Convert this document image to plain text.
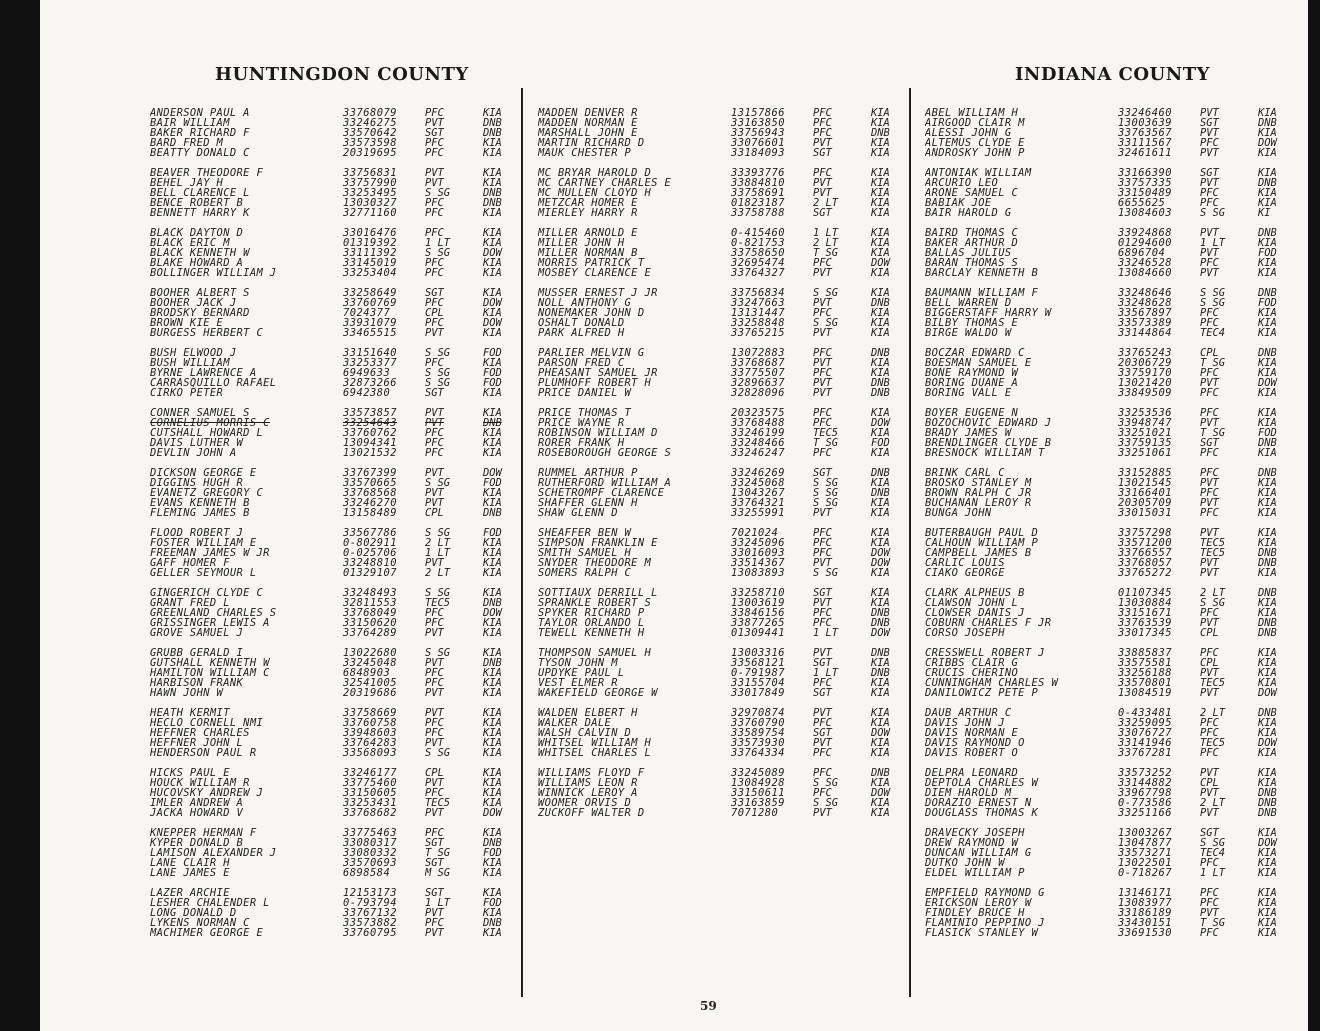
HUNTINGDON COUNTY	INDIANA COUNTY
ANDERSON PAUL A	33768079	PFC	KIA
BAIR WILLIAM	33246275	PVT	DNB
BAKER RICHARD F	33570642	SGT	DNB
BARD FRED M	33573598	PFC	KIA
BEATTY DONALD C	20319695	PFC	KIA
BEAVER THEODORE F	33756831	PVT	KIA
BEHEL JAY H	33757990	PVT	KIA
BELL CLARENCE L	33253495	S SG	DNB
BENCE ROBERT B	13030327	PFC	DNB
BENNETT HARRY K	32771160	PFC	KIA
BLACK DAYTON D	33016476	PFC	KIA
BLACK ERIC M	01319392	1 LT	KIA
BLACK KENNETH W	33111392	S SG	DOW
BLAKE HOWARD A	33145019	PFC	KIA
BOLLINGER WILLIAM J	33253404	PFC	KIA
BOOHER ALBERT S	33258649	SGT	KIA
BOOHER JACK J	33760769	PFC	DOW
BRODSKY BERNARD	7024377	CPL	KIA
BROWN KIE E	33931079	PFC	DOW
BURGESS HERBERT C	33465515	PVT	KIA
BUSH ELWOOD J	33151640	S SG	FOD
BUSH WILLIAM	33253377	PFC	KIA
BYRNE LAWRENCE A	6949633	S SG	FOD
CARRASQUILLO RAFAEL	32873266	S SG	FOD
CIRKO PETER	6942380	SGT	KIA
CONNER SAMUEL S	33573857	PVT	KIA
CORNELIUS MORRIS C	33254643	PVT	DNB
CUTSHALL HOWARD L	33760762	PFC	KIA
DAVIS LUTHER W	13094341	PFC	KIA
DEVLIN JOHN A	13021532	PFC	KIA
DICKSON GEORGE E	33767399	PVT	DOW
DIGGINS HUGH R	33570665	S SG	FOD
EVANETZ GREGORY C	33768568	PVT	KIA
EVANS KENNETH B	33246270	PVT	KIA
FLEMING JAMES B	13158489	CPL	DNB
FLOOD ROBERT J	33567786	S SG	FOD
FOSTER WILLIAM E	0-802911	2 LT	KIA
FREEMAN JAMES W JR	0-025706	1 LT	KIA
GAFF HOMER F	33248810	PVT	KIA
GELLER SEYMOUR L	01329107	2 LT	KIA
GINGERICH CLYDE C	33248493	S SG	KIA
GRANT FRED L	32811553	TEC5	DNB
GREENLAND CHARLES S	33768049	PFC	DOW
GRISSINGER LEWIS A	33150620	PFC	KIA
GROVE SAMUEL J	33764289	PVT	KIA
GRUBB GERALD I	13022680	S SG	KIA
GUTSHALL KENNETH W	33245048	PVT	DNB
HAMILTON WILLIAM C	6848903	PFC	KIA
HARBISON FRANK	32541005	PFC	KIA
HAWN JOHN W	20319686	PVT	KIA
HEATH KERMIT	33758669	PVT	KIA
HECLO CORNELL NMI	33760758	PFC	KIA
HEFFNER CHARLES	33948603	PFC	KIA
HEFFNER JOHN L	33764283	PVT	KIA
HENDERSON PAUL R	33568093	S SG	KIA
HICKS PAUL E	33246177	CPL	KIA
HOUCK WILLIAM R	33775460	PVT	KIA
HUCOVSKY ANDREW J	33150605	PFC	KIA
IMLER ANDREW A	33253431	TEC5	KIA
JACKA HOWARD V	33768682	PVT	DOW
KNEPPER HERMAN F	33775463	PFC	KIA
KYPER DONALD B	33080317	SGT	DNB
LAMISON ALEXANDER J	33080332	T SG	FOD
LANE CLAIR H	33570693	SGT	KIA
LANE JAMES E	6898584	M SG	KIA
LAZER ARCHIE	12153173	SGT	KIA
LESHER CHALENDER L	0-793794	1 LT	FOD
LONG DONALD D	33767132	PVT	KIA
LYKENS NORMAN C	33573882	PFC	DNB
MACHIMER GEORGE E	33760795	PVT	KIA
MADDEN DENVER R	13157866	PFC	KIA
MADDEN NORMAN E	33163850	PFC	KIA
MARSHALL JOHN E	33756943	PFC	DNB
MARTIN RICHARD D	33076601	PVT	KIA
MAUK CHESTER P	33184093	SGT	KIA
MC BRYAR HAROLD D	33393776	PFC	KIA
MC CARTNEY CHARLES E	33884810	PVT	KIA
MC MULLEN CLOYD H	33758691	PVT	KIA
METZCAR HOMER E	01823187	2 LT	KIA
MIERLEY HARRY R	33758788	SGT	KIA
MILLER ARNOLD E	0-415460	1 LT	KIA
MILLER JOHN H	0-821753	2 LT	KIA
MILLER NORMAN B	33758650	T SG	KIA
MORRIS PATRICK T	32695474	PFC	DOW
MOSBEY CLARENCE E	33764327	PVT	KIA
MUSSER ERNEST J JR	33756834	S SG	KIA
NOLL ANTHONY G	33247663	PVT	DNB
NONEMAKER JOHN D	13131447	PFC	KIA
OSHALT DONALD	33258848	S SG	KIA
PARK ALFRED H	33765215	PVT	KIA
PARLIER MELVIN G	13072883	PFC	DNB
PARSON FRED C	33768687	PVT	KIA
PHEASANT SAMUEL JR	33775507	PFC	KIA
PLUMHOFF ROBERT H	32896637	PVT	DNB
PRICE DANIEL W	32828096	PVT	DNB
PRICE THOMAS T	20323575	PFC	KIA
PRICE WAYNE R	33768488	PFC	DOW
ROBINSON WILLIAM D	33246199	TEC5	KIA
RORER FRANK H	33248466	T SG	FOD
ROSEBOROUGH GEORGE S	33246247	PFC	KIA
RUMMEL ARTHUR P	33246269	SGT	DNB
RUTHERFORD WILLIAM A	33245068	S SG	KIA
SCHETROMPF CLARENCE	13043267	S SG	DNB
SHAFFER GLENN H	33764321	S SG	KIA
SHAW GLENN D	33255991	PVT	KIA
SHEAFFER BEN W	7021024	PFC	KIA
SIMPSON FRANKLIN E	33245096	PFC	KIA
SMITH SAMUEL H	33016093	PFC	DOW
SNYDER THEODORE M	33514367	PVT	DOW
SOMERS RALPH C	13083893	S SG	KIA
SOTTIAUX DERRILL L	33258710	SGT	KIA
SPRANKLE ROBERT S	13003619	PVT	KIA
SPYKER RICHARD P	33846156	PFC	DNB
TAYLOR ORLANDO L	33877265	PFC	DNB
TEWELL KENNETH H	01309441	1 LT	DOW
THOMPSON SAMUEL H	13003316	PVT	DNB
TYSON JOHN M	33568121	SGT	KIA
UPDYKE PAUL L	0-791987	1 LT	DNB
VEST ELMER R	33155704	PFC	KIA
WAKEFIELD GEORGE W	33017849	SGT	KIA
WALDEN ELBERT H	32970874	PVT	KIA
WALKER DALE	33760790	PFC	KIA
WALSH CALVIN D	33589754	SGT	DOW
WHITSEL WILLIAM H	33573930	PVT	KIA
WHITSEL CHARLES L	33764334	PFC	KIA
WILLIAMS FLOYD F	33245089	PFC	DNB
WILLIAMS LEON R	13084928	S SG	KIA
WINNICK LEROY A	33150611	PFC	DOW
WOOMER ORVIS D	33163859	S SG	KIA
ZUCKOFF WALTER D	7071280	PVT	KIA
ABEL WILLIAM H	33246460	PVT	KIA
AIRGOOD CLAIR M	13003639	SGT	DNB
ALESSI JOHN G	33763567	PVT	KIA
ALTEMUS CLYDE E	33111567	PFC	DOW
ANDROSKY JOHN P	32461611	PVT	KIA
ANTONIAK WILLIAM	33166390	SGT	KIA
ARCURIO LEO	33757335	PVT	DNB
ARONE SAMUEL C	33150489	PFC	KIA
BABIAK JOE	6655625	PFC	KIA
BAIR HAROLD G	13084603	S SG	KI
BAIRD THOMAS C	33924868	PVT	DNB
BAKER ARTHUR D	01294600	1 LT	KIA
BALLAS JULIUS	6896704	PVT	FOD
BARAN THOMAS S	33246528	PFC	KIA
BARCLAY KENNETH B	13084660	PVT	KIA
BAUMANN WILLIAM F	33248646	S SG	DNB
BELL WARREN D	33248628	S SG	FOD
BIGGERSTAFF HARRY W	33567897	PFC	KIA
BILBY THOMAS E	33573389	PFC	KIA
BIRGE WALDO W	33144864	TEC4	KIA
BOCZAR EDWARD C	33765243	CPL	DNB
BOESMAN SAMUEL E	20306729	T SG	KIA
BONE RAYMOND W	33759170	PFC	KIA
BORING DUANE A	13021420	PVT	DOW
BORING VALL E	33849509	PFC	KIA
BOYER EUGENE N	33253536	PFC	KIA
BOZOCHOVIC EDWARD J	33948747	PVT	KIA
BRADY JAMES W	33251021	T SG	FOD
BRENDLINGER CLYDE B	33759135	SGT	DNB
BRESNOCK WILLIAM T	33251061	PFC	KIA
BRINK CARL C	33152885	PFC	DNB
BROSKO STANLEY M	13021545	PVT	KIA
BROWN RALPH C JR	33166401	PFC	KIA
BUCHANAN LEROY R	20305709	PVT	KIA
BUNGA JOHN	33015031	PFC	KIA
BUTERBAUGH PAUL D	33757298	PVT	KIA
CALHOUN WILLIAM P	33571200	TEC5	KIA
CAMPBELL JAMES B	33766557	TEC5	DNB
CARLIC LOUIS	33768057	PVT	DNB
CIAKO GEORGE	33765272	PVT	KIA
CLARK ALPHEUS B	01107345	2 LT	DNB
CLAWSON JOHN L	13030884	S SG	KIA
CLOWSER DANIS J	33151671	PFC	KIA
COBURN CHARLES F JR	33763539	PVT	DNB
CORSO JOSEPH	33017345	CPL	DNB
CRESSWELL ROBERT J	33885837	PFC	KIA
CRIBBS CLAIR G	33575581	CPL	KIA
CRUCIS CHERINO	33256188	PVT	KIA
CUNNINGHAM CHARLES W	33570801	TEC5	KIA
DANILOWICZ PETE P	13084519	PVT	DOW
DAUB ARTHUR C	0-433481	2 LT	DNB
DAVIS JOHN J	33259095	PFC	KIA
DAVIS NORMAN E	33076727	PFC	KIA
DAVIS RAYMOND O	33141946	TEC5	DOW
DAVIS ROBERT O	33767281	PFC	KIA
DELPRA LEONARD	33573252	PVT	KIA
DEPTOLA CHARLES W	33144882	CPL	KIA
DIEM HAROLD M	33967798	PVT	DNB
DORAZIO ERNEST N	0-773586	2 LT	DNB
DOUGLASS THOMAS K	33251166	PVT	DNB
DRAVECKY JOSEPH	13003267	SGT	KIA
DREW RAYMOND W	13047877	S SG	DOW
DUNCAN WILLIAM G	33573271	TEC4	KIA
DUTKO JOHN W	13022501	PFC	KIA
ELDEL WILLIAM P	0-718267	1 LT	KIA
EMPFIELD RAYMOND G	13146171	PFC	KIA
ERICKSON LEROY W	13083977	PFC	KIA
FINDLEY BRUCE H	33186189	PVT	KIA
FLAMINIO PEPPINO J	33430151	T SG	KIA
FLASICK STANLEY W	33691530	PFC	KIA
59
